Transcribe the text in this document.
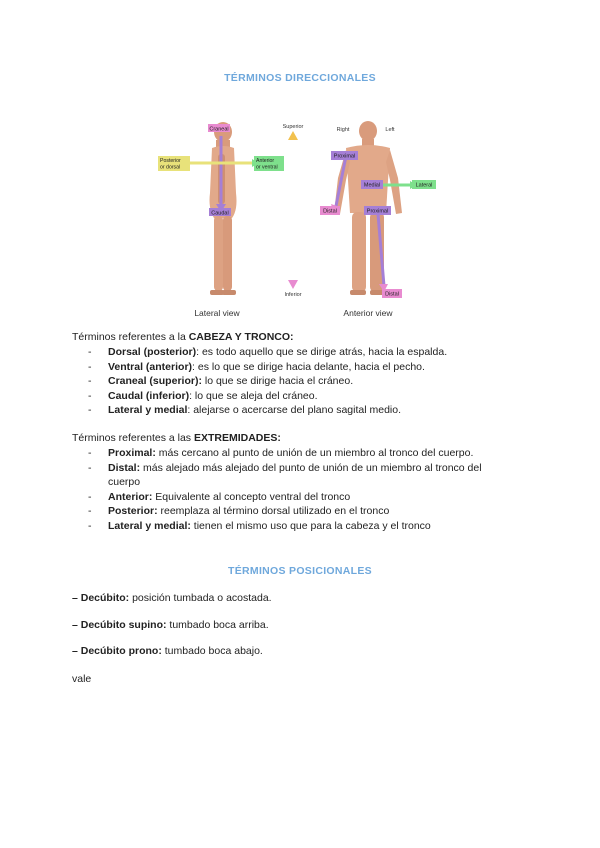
TÉRMINOS DIRECCIONALES
Craneal
Posterior
or dorsal
Anterior
or ventral
Caudal
Lateral view
Superior
Inferior
Right	Left
Proximal
Medial	Lateral
Distal	Proximal
Distal
Anterior view
Términos referentes a la CABEZA Y TRONCO:
- Dorsal (posterior): es todo aquello que se dirige atrás, hacia la espalda.
- Ventral (anterior): es lo que se dirige hacia delante, hacia el pecho.
- Craneal (superior): lo que se dirige hacia el cráneo.
- Caudal (inferior): lo que se aleja del cráneo.
- Lateral y medial: alejarse o acercarse del plano sagital medio.
Términos referentes a las EXTREMIDADES:
- Proximal: más cercano al punto de unión de un miembro al tronco del cuerpo.
- Distal: más alejado más alejado del punto de unión de un miembro al tronco del cuerpo
- Anterior: Equivalente al concepto ventral del tronco
- Posterior: reemplaza al término dorsal utilizado en el tronco
- Lateral y medial: tienen el mismo uso que para la cabeza y el tronco
TÉRMINOS POSICIONALES
– Decúbito: posición tumbada o acostada.
– Decúbito supino: tumbado boca arriba.
– Decúbito prono: tumbado boca abajo.
vale
